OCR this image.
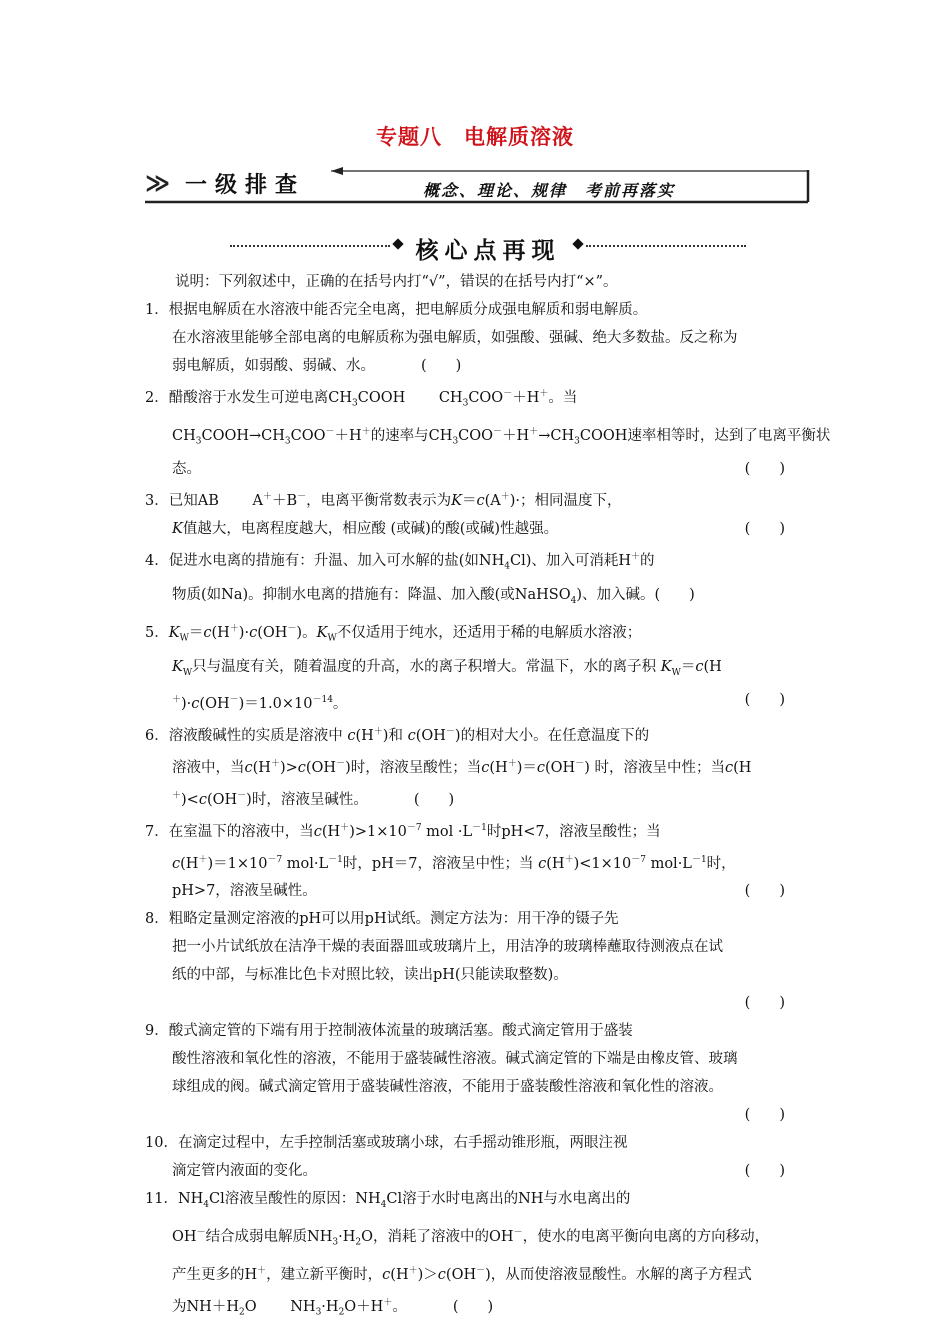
专题八　电解质溶液
≫ 一级排查	概念、理论、规律　考前再落实
核心点再现
说明：下列叙述中，正确的在括号内打“√”，错误的在括号内打“×”。
1．根据电解质在水溶液中能否完全电离，把电解质分成强电解质和弱电解质。
在水溶液里能够全部电离的电解质称为强电解质，如强酸、强碱、绝大多数盐。反之称为
弱电解质，如弱酸、弱碱、水。	(　　)
2．醋酸溶于水发生可逆电离$CH_3COOH$　　 $CH_3COO^-+H^+$。当
$CH_3COOH\to CH_3COO^-+H^+$的速率与$CH_3COO^-+H^+\to CH_3COOH$速率相等时，达到了电离平衡状
态。	(　　)
3．已知AB　　 A＋＋B－，电离平衡常数表示为K＝c(A＋)·；相同温度下，
K值越大，电离程度越大，相应酸 (或碱)的酸(或碱)性越强。	(　　)
4．促进水电离的措施有：升温、加入可水解的盐(如$NH_4Cl$)、加入可消耗H＋的
物质(如Na)。抑制水电离的措施有：降温、加入酸(或NaHSO$_4$)、加入碱。(　　)
5．$K_W=c(H^+)\cdot c(OH^-)$。$K_W$不仅适用于纯水，还适用于稀的电解质水溶液；
$K_W$只与温度有关，随着温度的升高，水的离子积增大。常温下，水的离子积 $K_W=c(H$
$^+)\cdot c(OH^-)=1.0\times 10^{-14}$。	(　　)
6．溶液酸碱性的实质是溶液中 c(H＋)和 c(OH－)的相对大小。在任意温度下的
溶液中，当c(H＋)>c(OH－)时，溶液呈酸性；当c(H＋)＝c(OH－) 时，溶液呈中性；当c(H
＋)<c(OH－)时，溶液呈碱性。	(　　)
7．在室温下的溶液中，当$c(H^+)>1\times 10^{-7}$ mol $\cdot L^{-1}$时pH<7，溶液呈酸性；当
$c(H^+)=1\times 10^{-7}$ $mol\cdot L^{-1}$时，pH＝7，溶液呈中性；当 $c(H^+)<1\times 10^{-7}$ $mol\cdot L^{-1}$时，
pH>7，溶液呈碱性。	(　　)
8．粗略定量测定溶液的pH可以用pH试纸。测定方法为：用干净的镊子先
把一小片试纸放在洁净干燥的表面器皿或玻璃片上，用洁净的玻璃棒蘸取待测液点在试
纸的中部，与标准比色卡对照比较，读出pH(只能读取整数)。

(　　)
9．酸式滴定管的下端有用于控制液体流量的玻璃活塞。酸式滴定管用于盛装
酸性溶液和氧化性的溶液，不能用于盛装碱性溶液。碱式滴定管的下端是由橡皮管、玻璃
球组成的阀。碱式滴定管用于盛装碱性溶液，不能用于盛装酸性溶液和氧化性的溶液。

(　　)
10．在滴定过程中，左手控制活塞或玻璃小球，右手摇动锥形瓶，两眼注视
滴定管内液面的变化。	(　　)
11．$NH_4Cl$溶液呈酸性的原因：$NH_4Cl$溶于水时电离出的NH与水电离出的
OH－结合成弱电解质$NH_3\cdot H_2O$，消耗了溶液中的OH－，使水的电离平衡向电离的方向移动，
产生更多的H＋，建立新平衡时，c(H＋)＞c(OH－)，从而使溶液显酸性。水解的离子方程式
为$NH+H_2O$　　 $NH_3\cdot H_2O+H^+$。	(　　)
